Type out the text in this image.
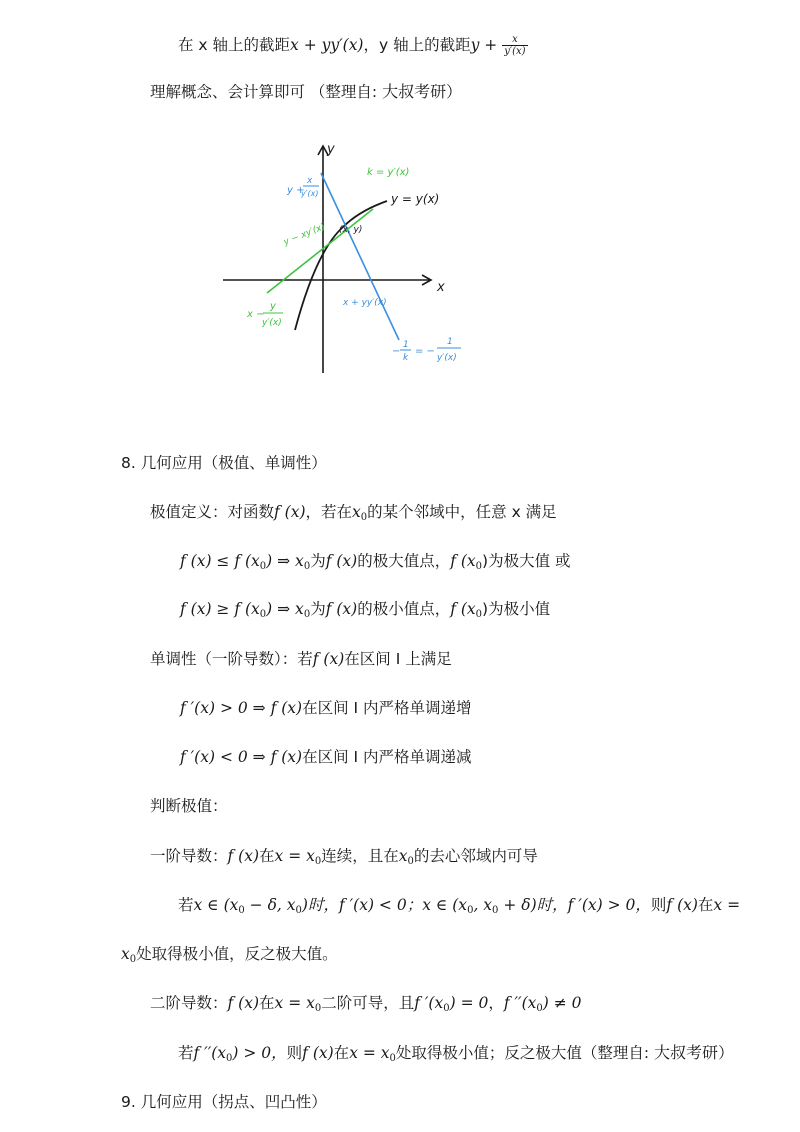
在 x 轴上的截距x + yy′(x)，y 轴上的截距$y + \frac{x}{y'(x)}$
理解概念、会计算即可 （整理自: 大叔考研）
x
y
y = y(x)
y − xy′(x)
x −
y
y′(x)
k = y′(x)
y +
x
y′(x)
x + yy′(x)
(x, y)
−
1
k
= −
1
y′(x)
8. 几何应用（极值、单调性）
极值定义：对函数f (x)，若在$x_0$的某个邻域中，任意 x 满足
f (x) ≤ f $(x_0)$ ⇒ $x_0$为f (x)的极大值点，f $(x_0)$为极大值 或
f (x) ≥ f $(x_0)$ ⇒ $x_0$为f (x)的极小值点，f $(x_0)$为极小值
单调性（一阶导数）：若f (x)在区间 I 上满足
f ′(x) > 0 ⇒ f (x)在区间 I 内严格单调递增
f ′(x) < 0 ⇒ f (x)在区间 I 内严格单调递减
判断极值：
一阶导数：f (x)在$x = x_0$连续，且在$x_0$的去心邻域内可导
若x ∈ ($x_0 - \delta$, $x_0$)时，f ′(x) < 0；x ∈ ($x_0$, $x_0 + \delta$)时，f ′(x) > 0，则f (x)在x =
$x_0$处取得极小值，反之极大值。
二阶导数：f (x)在$x = x_0$二阶可导，且f $'(x_0) = 0$，f $''(x_0) \ne 0$
若f $''(x_0) > 0$，则f (x)在$x = x_0$处取得极小值；反之极大值（整理自: 大叔考研）
9. 几何应用（拐点、凹凸性）
